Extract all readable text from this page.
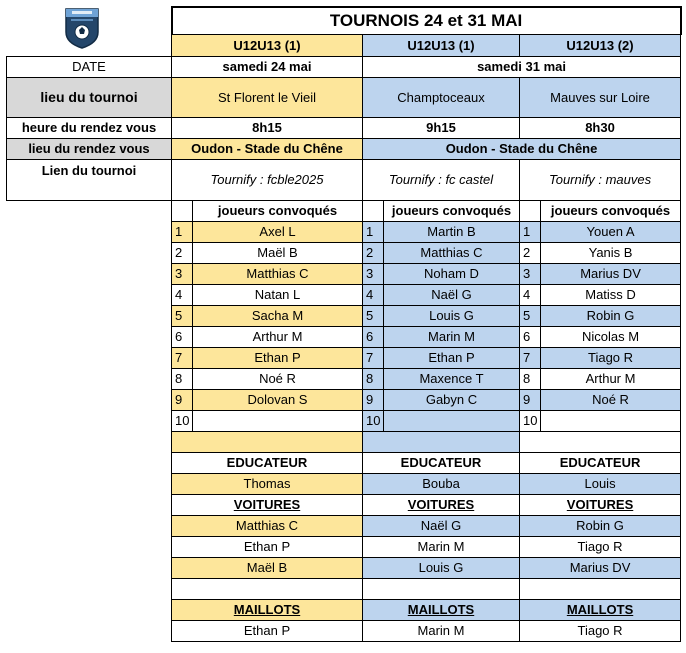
	TOURNOIS 24 et 31 MAI					
	U12U13 (1)		U12U13 (1)		U12U13 (2)	
DATE	samedi 24 mai		samedi 31 mai			
lieu du tournoi	St Florent le Vieil		Champtoceaux		Mauves sur Loire	
heure du rendez vous	8h15		9h15		8h30	
lieu du rendez vous	Oudon - Stade du Chêne		Oudon - Stade du Chêne			
Lien du tournoi	Tournify : fcble2025		Tournify : fc castel		Tournify : mauves	
		joueurs convoqués		joueurs convoqués		joueurs convoqués
	1	Axel L	1	Martin B	1	Youen A
	2	Maël B	2	Matthias C	2	Yanis B
	3	Matthias C	3	Noham D	3	Marius DV
	4	Natan L	4	Naël G	4	Matiss D
	5	Sacha M	5	Louis G	5	Robin G
	6	Arthur M	6	Marin M	6	Nicolas M
	7	Ethan P	7	Ethan P	7	Tiago R
	8	Noé R	8	Maxence T	8	Arthur M
	9	Dolovan S	9	Gabyn C	9	Noé R
	10		10		10	

	EDUCATEUR		EDUCATEUR		EDUCATEUR	
	Thomas		Bouba		Louis	
	VOITURES		VOITURES		VOITURES	
	Matthias C		Naël G		Robin G	
	Ethan P		Marin M		Tiago R	
	Maël B		Louis G		Marius DV	

	MAILLOTS		MAILLOTS		MAILLOTS	
	Ethan P		Marin M		Tiago R	
